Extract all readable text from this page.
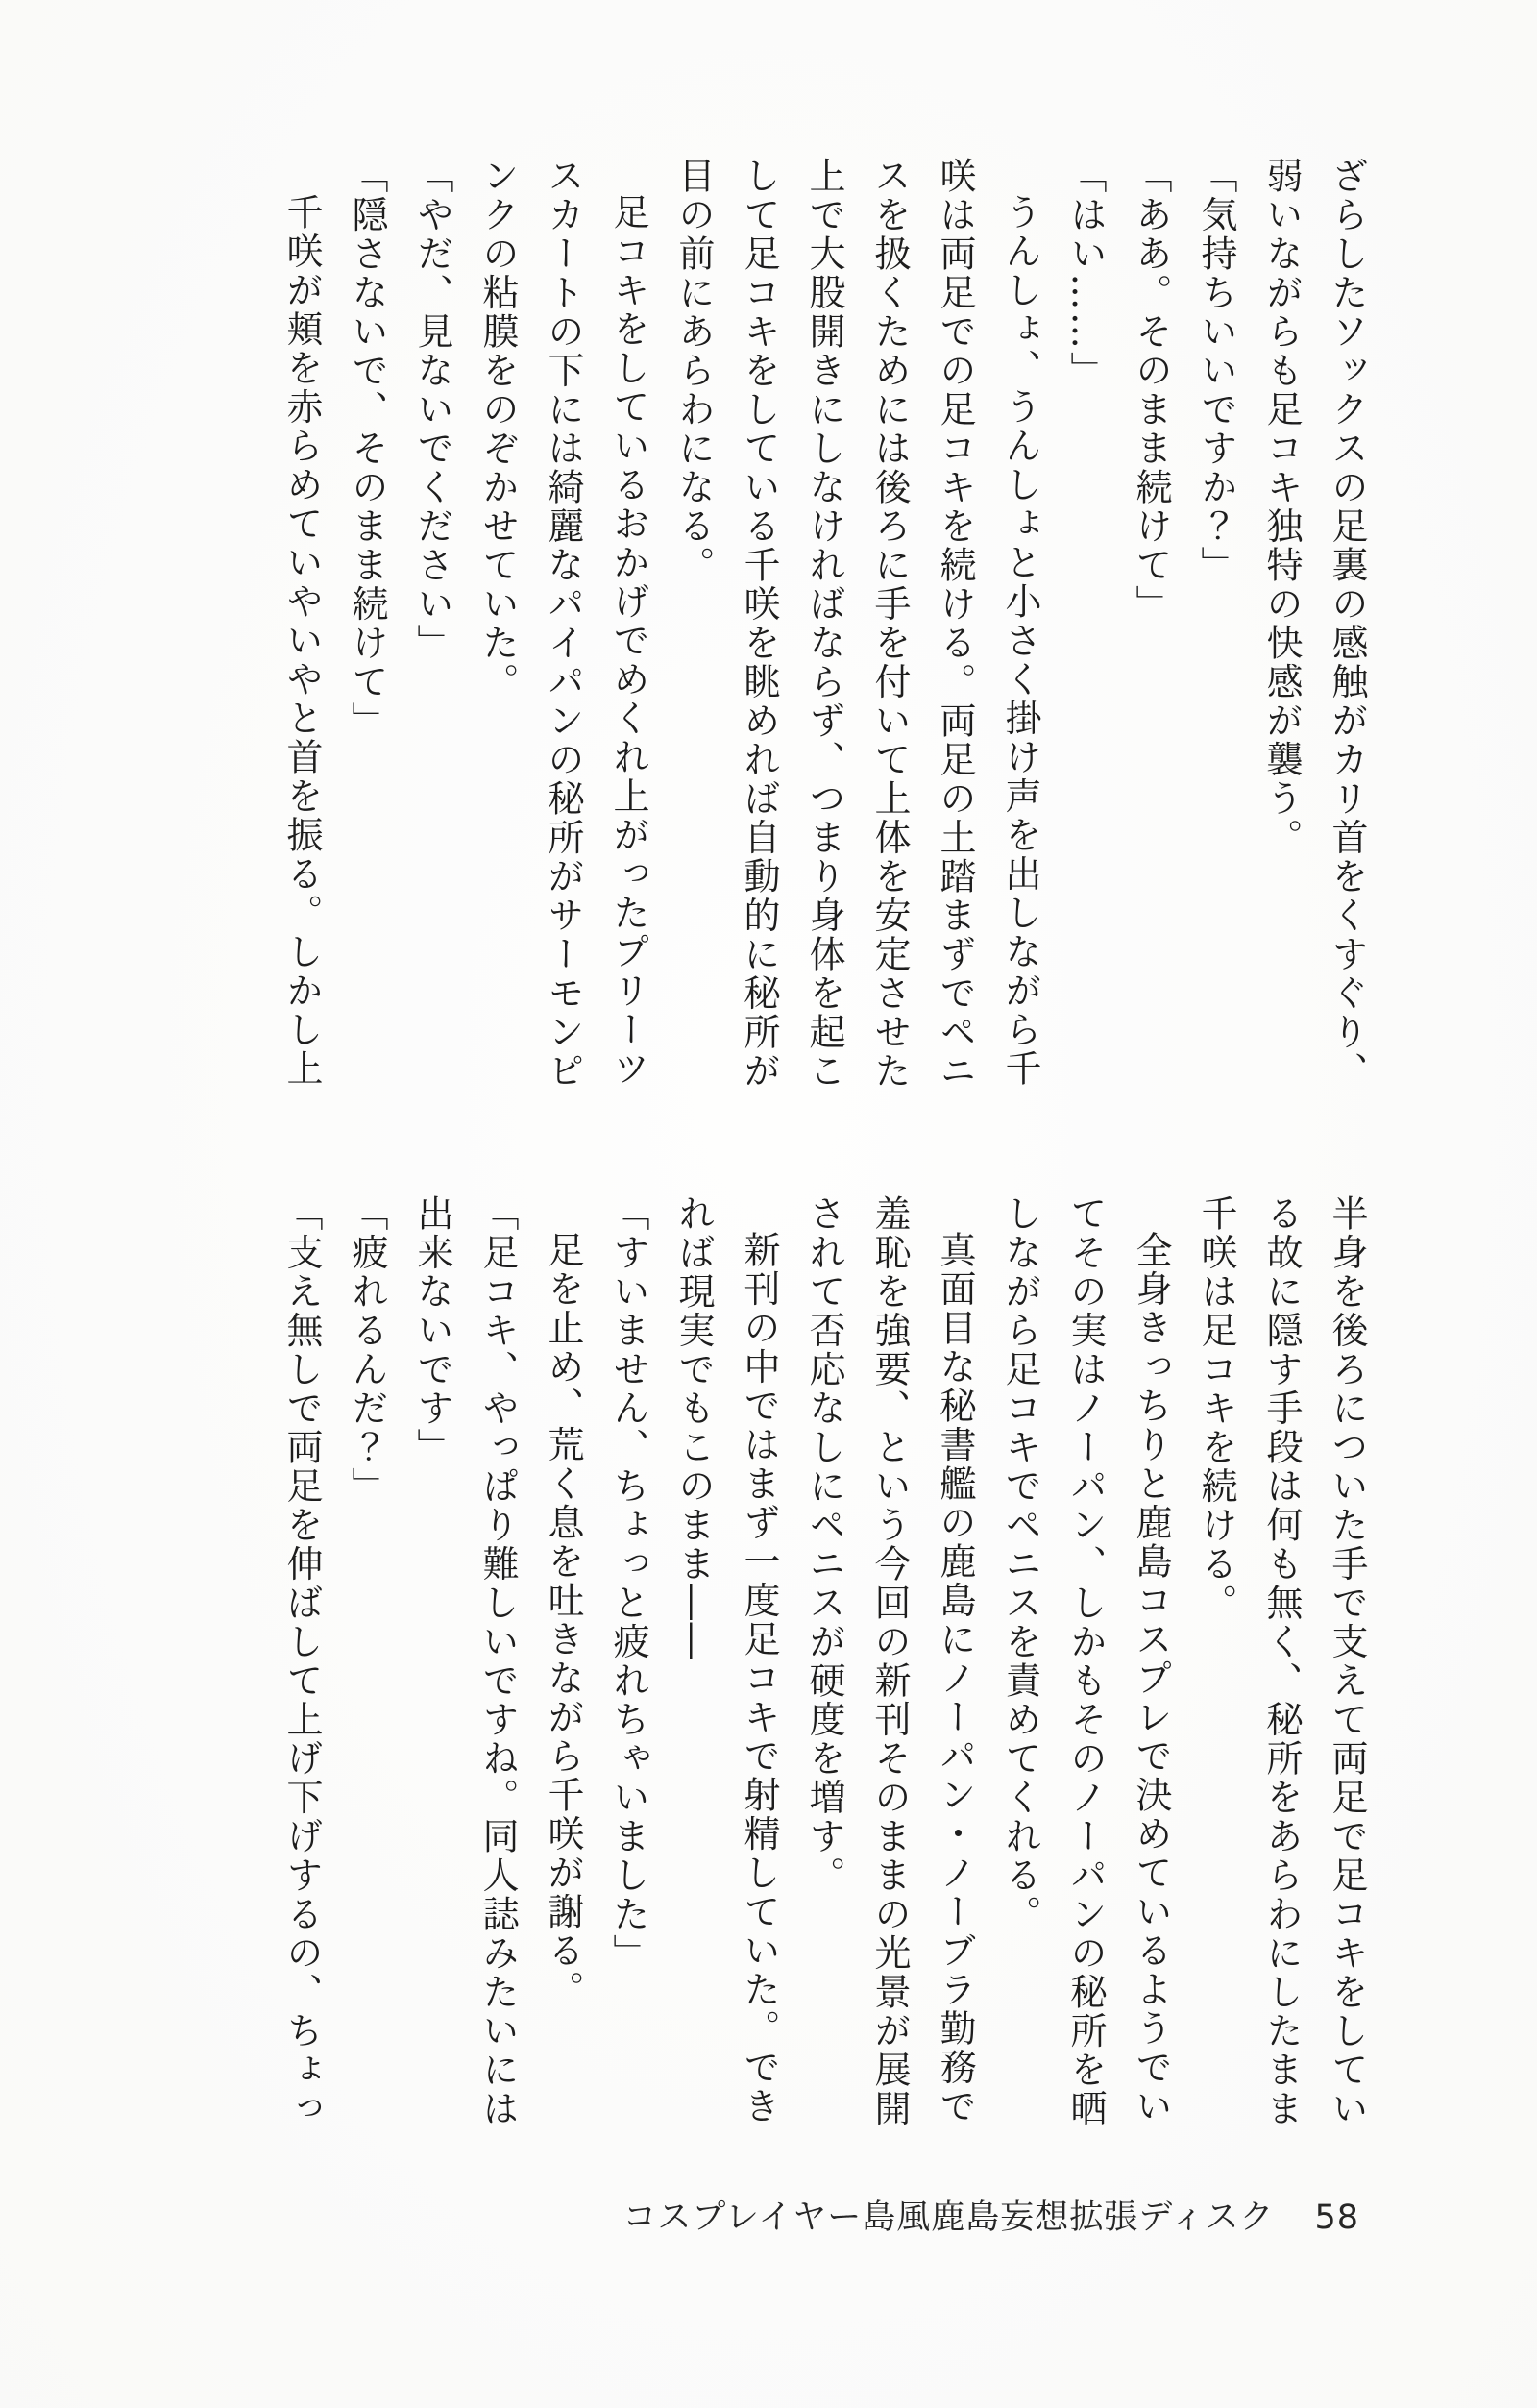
ざらしたソックスの足裏の感触がカリ首をくすぐり、
弱いながらも足コキ独特の快感が襲う。
「気持ちいいですか？」
「ああ。そのまま続けて」
「はい……」
うんしょ、うんしょと小さく掛け声を出しながら千
咲は両足での足コキを続ける。両足の土踏まずでペニ
スを扱くためには後ろに手を付いて上体を安定させた
上で大股開きにしなければならず、つまり身体を起こ
して足コキをしている千咲を眺めれば自動的に秘所が
目の前にあらわになる。
足コキをしているおかげでめくれ上がったプリーツ
スカートの下には綺麗なパイパンの秘所がサーモンピ
ンクの粘膜をのぞかせていた。
「やだ、見ないでください」
「隠さないで、そのまま続けて」
千咲が頬を赤らめていやいやと首を振る。しかし上
半身を後ろについた手で支えて両足で足コキをしてい
る故に隠す手段は何も無く、秘所をあらわにしたまま
千咲は足コキを続ける。
全身きっちりと鹿島コスプレで決めているようでい
てその実はノーパン、しかもそのノーパンの秘所を晒
しながら足コキでペニスを責めてくれる。
真面目な秘書艦の鹿島にノーパン・ノーブラ勤務で
羞恥を強要、という今回の新刊そのままの光景が展開
されて否応なしにペニスが硬度を増す。
新刊の中ではまず一度足コキで射精していた。でき
れば現実でもこのまま――
「すいません、ちょっと疲れちゃいました」
足を止め、荒く息を吐きながら千咲が謝る。
「足コキ、やっぱり難しいですね。同人誌みたいには
出来ないです」
「疲れるんだ？」
「支え無しで両足を伸ばして上げ下げするの、ちょっ
コスプレイヤー島風鹿島妄想拡張ディスク 58
